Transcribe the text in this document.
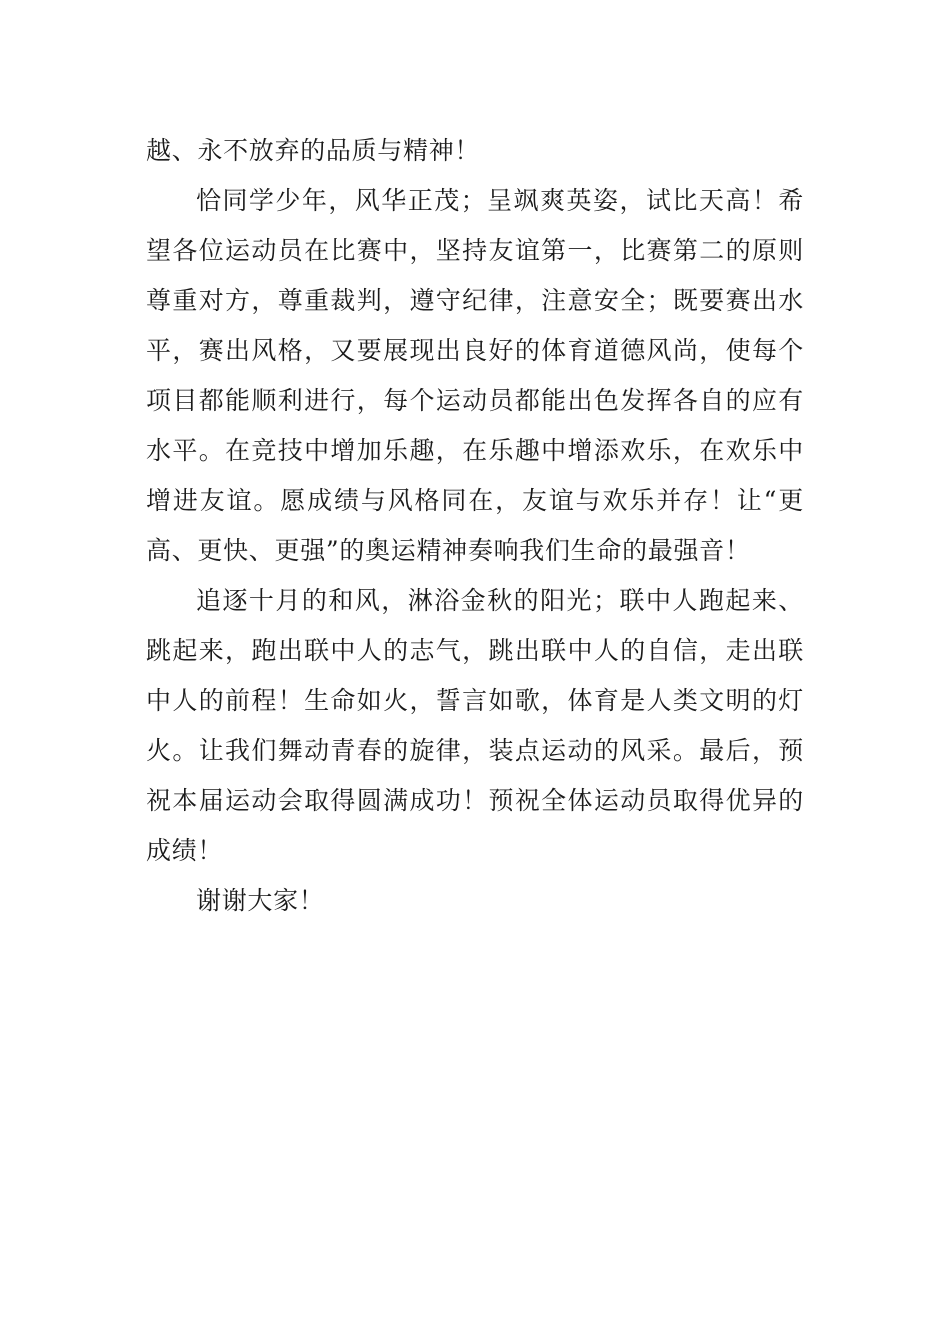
越、永不放弃的品质与精神！
恰同学少年，风华正茂；呈飒爽英姿，试比天高！希
望各位运动员在比赛中，坚持友谊第一，比赛第二的原则
尊重对方，尊重裁判，遵守纪律，注意安全；既要赛出水
平，赛出风格，又要展现出良好的体育道德风尚，使每个
项目都能顺利进行，每个运动员都能出色发挥各自的应有
水平。在竞技中增加乐趣，在乐趣中增添欢乐，在欢乐中
增进友谊。愿成绩与风格同在，友谊与欢乐并存！让“更
高、更快、更强”的奥运精神奏响我们生命的最强音！
追逐十月的和风，淋浴金秋的阳光；联中人跑起来、
跳起来，跑出联中人的志气，跳出联中人的自信，走出联
中人的前程！生命如火，誓言如歌，体育是人类文明的灯
火。让我们舞动青春的旋律，装点运动的风采。最后，预
祝本届运动会取得圆满成功！预祝全体运动员取得优异的
成绩！
谢谢大家！
